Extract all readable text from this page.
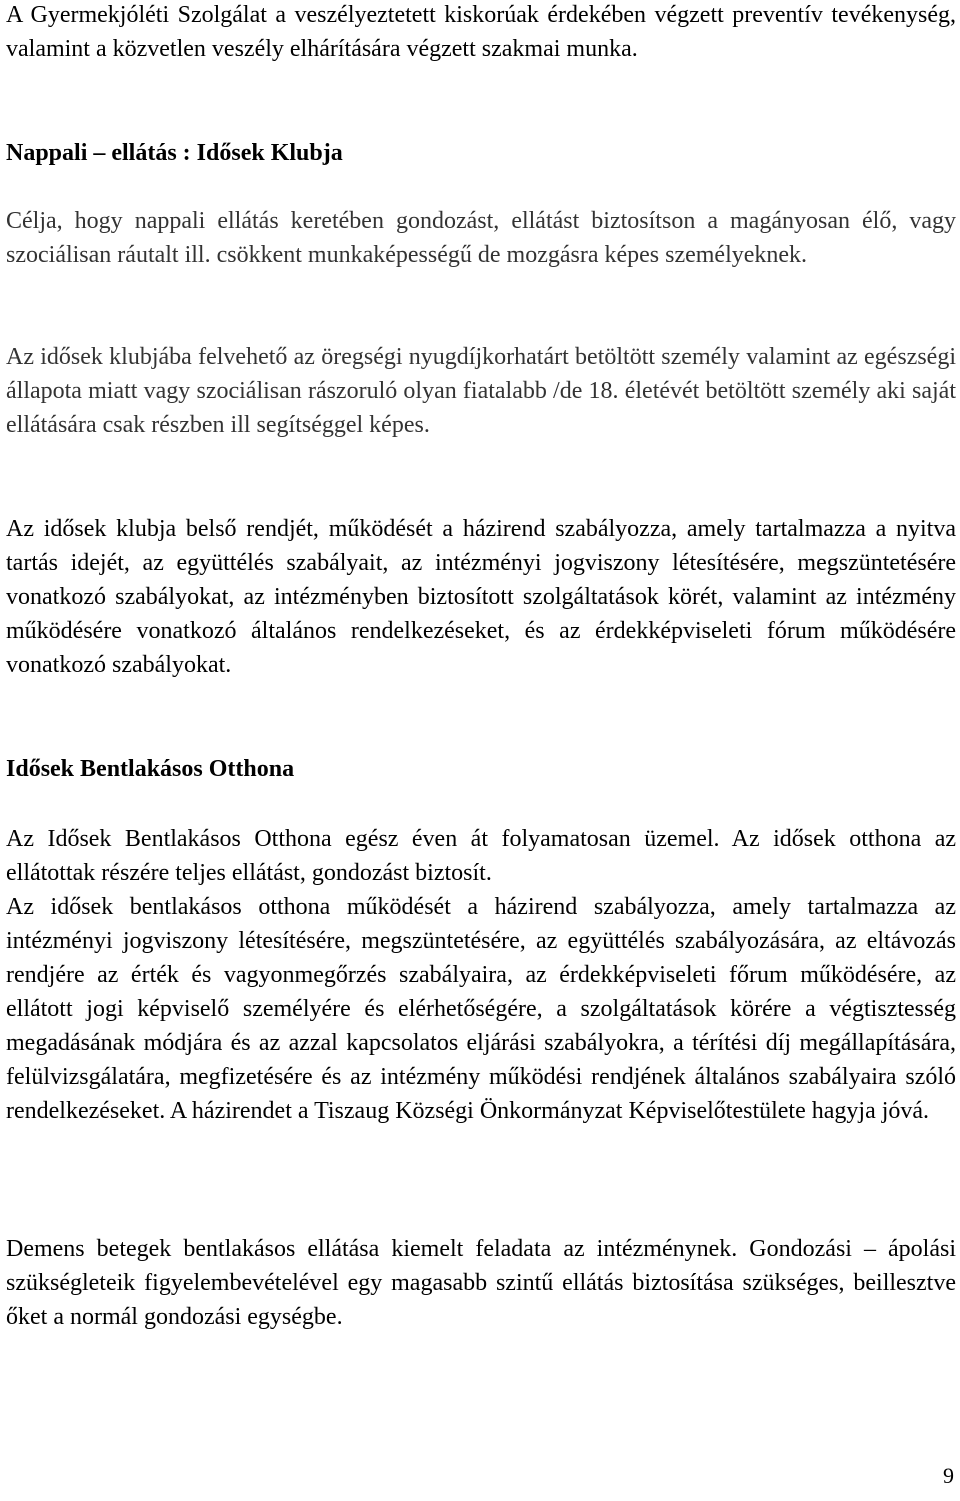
A Gyermekjóléti Szolgálat a veszélyeztetett kiskorúak érdekében végzett preventív tevékenység, valamint a közvetlen veszély elhárítására végzett szakmai munka.

Nappali – ellátás : Idősek Klubja

Célja, hogy nappali ellátás keretében gondozást, ellátást biztosítson a magányosan élő, vagy szociálisan ráutalt ill. csökkent munkaképességű de mozgásra képes személyeknek.

Az idősek klubjába felvehető az öregségi nyugdíjkorhatárt betöltött személy valamint az egészségi állapota miatt vagy szociálisan rászoruló olyan fiatalabb /de 18. életévét betöltött személy aki saját ellátására csak részben ill segítséggel képes.

Az idősek klubja belső rendjét, működését a házirend szabályozza, amely tartalmazza a nyitva tartás idejét, az együttélés szabályait, az intézményi jogviszony létesítésére, megszüntetésére vonatkozó szabályokat, az intézményben biztosított szolgáltatások körét, valamint az intézmény működésére vonatkozó általános rendelkezéseket, és az érdekképviseleti fórum működésére vonatkozó szabályokat.

Idősek Bentlakásos Otthona

Az Idősek Bentlakásos Otthona egész éven át folyamatosan üzemel. Az idősek otthona az ellátottak részére teljes ellátást, gondozást biztosít.

Az idősek bentlakásos otthona működését a házirend szabályozza, amely tartalmazza az intézményi jogviszony létesítésére, megszüntetésére, az együttélés szabályozására, az eltávozás rendjére az érték és vagyonmegőrzés szabályaira, az érdekképviseleti főrum működésére, az ellátott jogi képviselő személyére és elérhetőségére, a szolgáltatások körére a végtisztesség megadásának módjára és az azzal kapcsolatos eljárási szabályokra, a térítési díj megállapítására, felülvizsgálatára, megfizetésére és az intézmény működési rendjének általános szabályaira szóló rendelkezéseket. A házirendet a Tiszaug Községi Önkormányzat Képviselőtestülete hagyja jóvá.

Demens betegek bentlakásos ellátása kiemelt feladata az intézménynek. Gondozási – ápolási szükségleteik figyelembevételével egy magasabb szintű ellátás biztosítása szükséges, beillesztve őket a normál gondozási egységbe.

9
